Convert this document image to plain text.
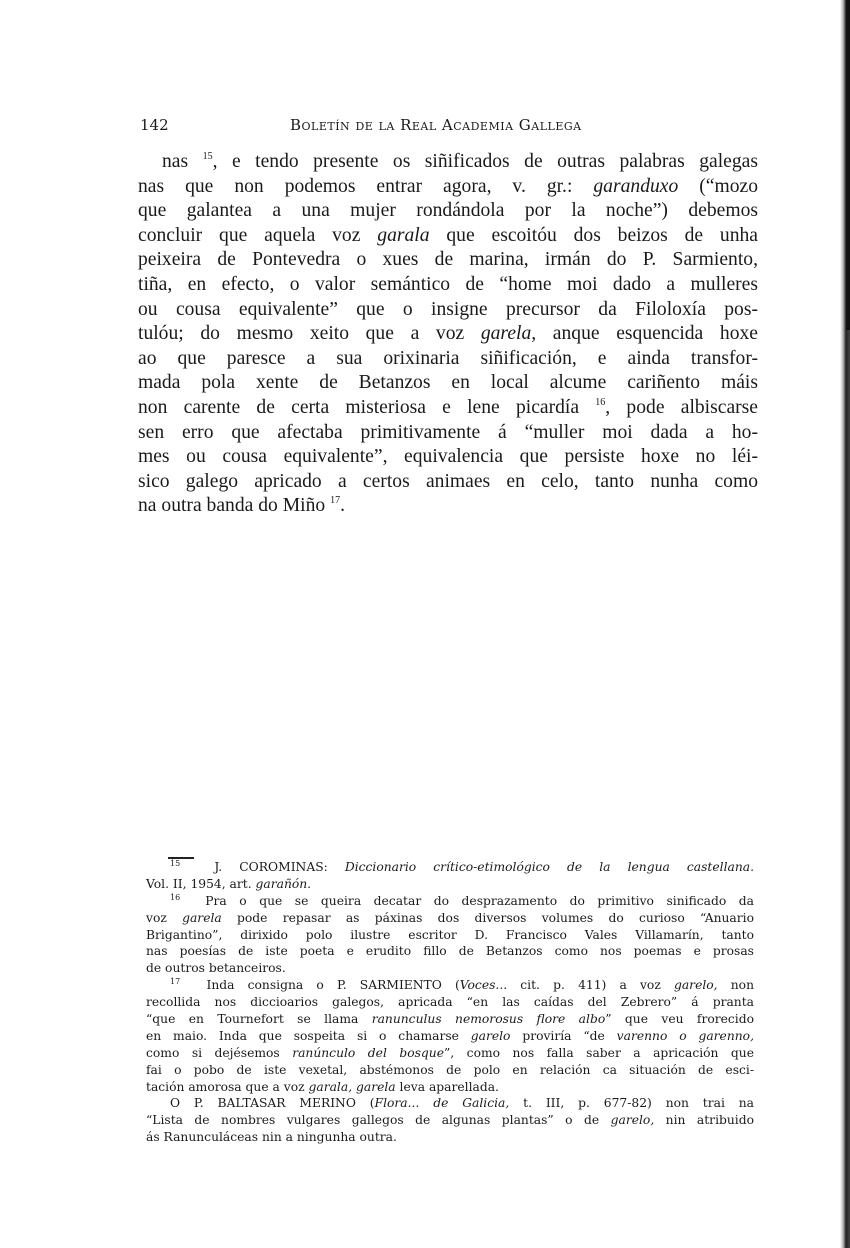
142	Boletín de la Real Academia Gallega
nas $^{15}$, e tendo presente os siñificados de outras palabras galegas
nas que non podemos entrar agora, v. gr.: garanduxo (“mozo
que galantea a una mujer rondándola por la noche”) debemos
concluir que aquela voz garala que escoitóu dos beizos de unha
peixeira de Pontevedra o xues de marina, irmán do P. Sarmiento,
tiña, en efecto, o valor semántico de “home moi dado a mulleres
ou cousa equivalente” que o insigne precursor da Filoloxía pos-
tulóu; do mesmo xeito que a voz garela, anque esquencida hoxe
ao que paresce a sua orixinaria siñificación, e ainda transfor-
mada pola xente de Betanzos en local alcume cariñento máis
non carente de certa misteriosa e lene picardía $^{16}$, pode albiscarse
sen erro que afectaba primitivamente á “muller moi dada a ho-
mes ou cousa equivalente”, equivalencia que persiste hoxe no léi-
sico galego apricado a certos animaes en celo, tanto nunha como
na outra banda do Miño $^{17}$.
$^{15}$  J. COROMINAS: Diccionario crítico-etimológico de la lengua castellana.
Vol. II, 1954, art. garañón.
$^{16}$  Pra o que se queira decatar do desprazamento do primitivo sinificado da
voz garela pode repasar as páxinas dos diversos volumes do curioso “Anuario
Brigantino”, dirixido polo ilustre escritor D. Francisco Vales Villamarín, tanto
nas poesías de iste poeta e erudito fillo de Betanzos como nos poemas e prosas
de outros betanceiros.
$^{17}$  Inda consigna o P. SARMIENTO (Voces... cit. p. 411) a voz garelo, non
recollida nos diccioarios galegos, apricada “en las caídas del Zebrero” á pranta
“que en Tournefort se llama ranunculus nemorosus flore albo” que veu frorecido
en maio. Inda que sospeita si o chamarse garelo proviría “de varenno o garenno,
como si dejésemos ranúnculo del bosque”, como nos falla saber a apricación que
fai o pobo de iste vexetal, abstémonos de polo en relación ca situación de esci-
tación amorosa que a voz garala, garela leva aparellada.
O P. BALTASAR MERINO (Flora... de Galicia, t. III, p. 677-82) non trai na
“Lista de nombres vulgares gallegos de algunas plantas” o de garelo, nin atribuido
ás Ranunculáceas nin a ningunha outra.
